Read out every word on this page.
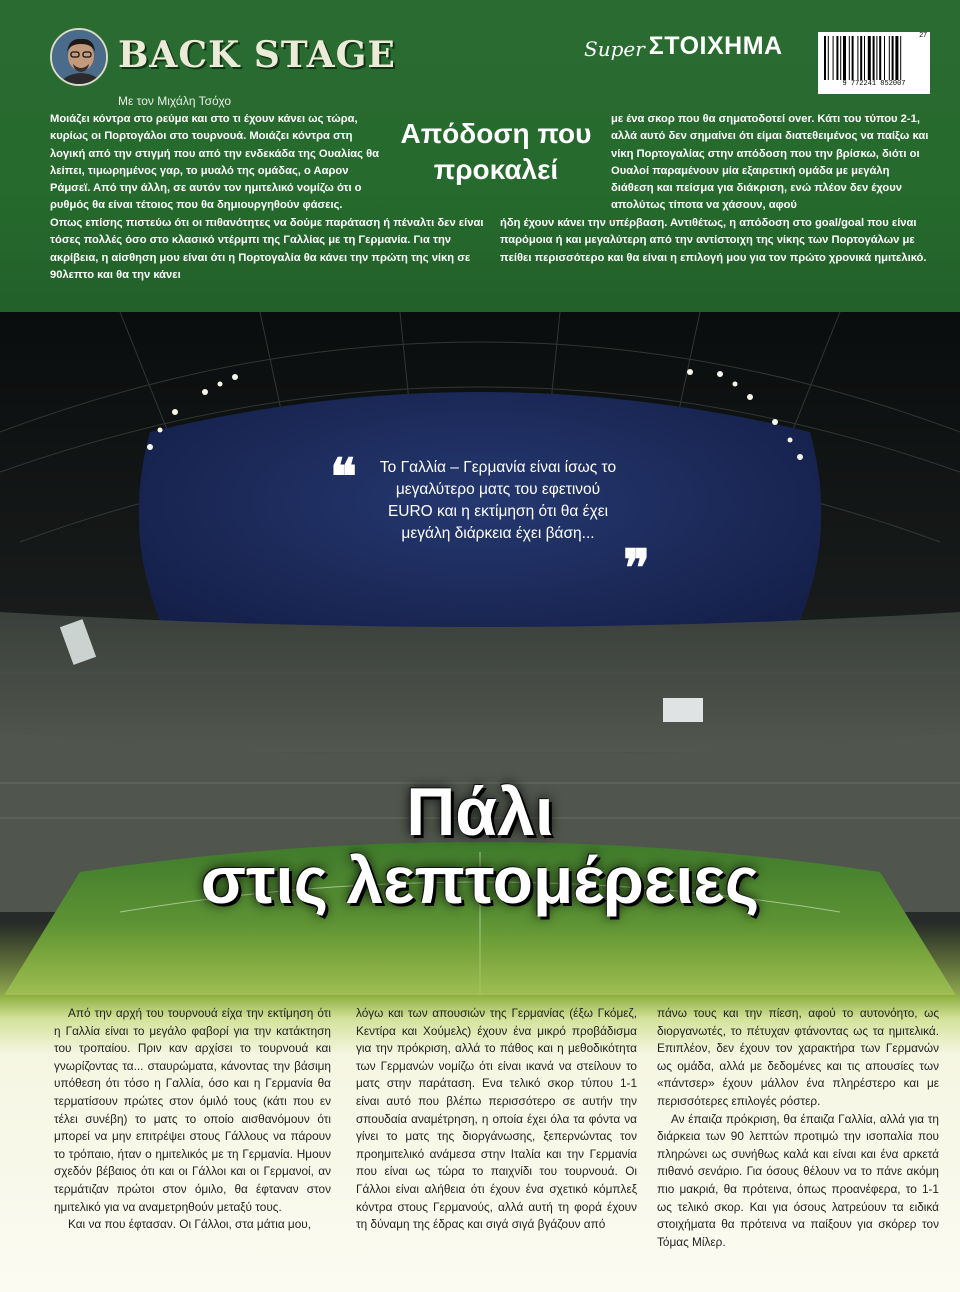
BACK STAGE
Με τον Μιχάλη Τσόχο
Super ΣΤΟΙΧΗΜΑ	27
9 772241 852007
Μοιάζει κόντρα στο ρεύμα και στο τι έχουν κάνει ως τώρα, κυρίως οι Πορτογάλοι στο τουρνουά. Μοιάζει κόντρα στη λογική από την στιγμή που από την ενδεκάδα της Ουαλίας θα λείπει, τιμωρημένος γαρ, το μυαλό της ομάδας, ο Ααρον Ράμσεϊ. Από την άλλη, σε αυτόν τον ημιτελικό νομίζω ότι ο ρυθμός θα είναι τέτοιος που θα δημιουργηθούν φάσεις.
Οπως επίσης πιστεύω ότι οι πιθανότητες να δούμε παράταση ή πέναλτι δεν είναι τόσες πολλές όσο στο κλασικό ντέρμπι της Γαλλίας με τη Γερμανία. Για την ακρίβεια, η αίσθηση μου είναι ότι η Πορτογαλία θα κάνει την πρώτη της νίκη σε 90λεπτο και θα την κάνει
Απόδοση που προκαλεί
με ένα σκορ που θα σηματοδοτεί over. Κάτι του τύπου 2-1, αλλά αυτό δεν σημαίνει ότι είμαι διατεθειμένος να παίξω και νίκη Πορτογαλίας στην απόδοση που την βρίσκω, διότι οι Ουαλοί παραμένουν μία εξαιρετική ομάδα με μεγάλη διάθεση και πείσμα για διάκριση, ενώ πλέον δεν έχουν απολύτως τίποτα να χάσουν, αφού
ήδη έχουν κάνει την υπέρβαση. Αντιθέτως, η απόδοση στο goal/goal που είναι παρόμοια ή και μεγαλύτερη από την αντίστοιχη της νίκης των Πορτογάλων με πείθει περισσότερο και θα είναι η επιλογή μου για τον πρώτο χρονικά ημιτελικό.
❝ Το Γαλλία – Γερμανία είναι ίσως το μεγαλύτερο ματς του εφετινού EURO και η εκτίμηση ότι θα έχει μεγάλη διάρκεια έχει βάση...
❞
Πάλι
στις λεπτομέρειες

Από την αρχή του τουρνουά είχα την εκτίμηση ότι η Γαλλία είναι το μεγάλο φαβορί για την κατάκτηση του τροπαίου. Πριν καν αρχίσει το τουρνουά και γνωρίζοντας τα... σταυρώματα, κάνοντας την βάσιμη υπόθεση ότι τόσο η Γαλλία, όσο και η Γερμανία θα τερματίσουν πρώτες στον όμιλό τους (κάτι που εν τέλει συνέβη) το ματς το οποίο αισθανόμουν ότι μπορεί να μην επιτρέψει στους Γάλλους να πάρουν το τρόπαιο, ήταν ο ημιτελικός με τη Γερμανία. Ημουν σχεδόν βέβαιος ότι και οι Γάλλοι και οι Γερμανοί, αν τερμάτιζαν πρώτοι στον όμιλο, θα έφταναν στον ημιτελικό για να αναμετρηθούν μεταξύ τους.

Και να που έφτασαν. Οι Γάλλοι, στα μάτια μου,

λόγω και των απουσιών της Γερμανίας (έξω Γκόμεζ, Κεντίρα και Χούμελς) έχουν ένα μικρό προβάδισμα για την πρόκριση, αλλά το πάθος και η μεθοδικότητα των Γερμανών νομίζω ότι είναι ικανά να στείλουν το ματς στην παράταση. Ενα τελικό σκορ τύπου 1-1 είναι αυτό που βλέπω περισσότερο σε αυτήν την σπουδαία αναμέτρηση, η οποία έχει όλα τα φόντα να γίνει το ματς της διοργάνωσης, ξεπερνώντας τον προημιτελικό ανάμεσα στην Ιταλία και την Γερμανία που είναι ως τώρα το παιχνίδι του τουρνουά. Οι Γάλλοι είναι αλήθεια ότι έχουν ένα σχετικό κόμπλεξ κόντρα στους Γερμανούς, αλλά αυτή τη φορά έχουν τη δύναμη της έδρας και σιγά σιγά βγάζουν από

πάνω τους και την πίεση, αφού το αυτονόητο, ως διοργανωτές, το πέτυχαν φτάνοντας ως τα ημιτελικά. Επιπλέον, δεν έχουν τον χαρακτήρα των Γερμανών ως ομάδα, αλλά με δεδομένες και τις απουσίες των «πάντσερ» έχουν μάλλον ένα πληρέστερο και με περισσότερες επιλογές ρόστερ.

Αν έπαιζα πρόκριση, θα έπαιζα Γαλλία, αλλά για τη διάρκεια των 90 λεπτών προτιμώ την ισοπαλία που πληρώνει ως συνήθως καλά και είναι και ένα αρκετά πιθανό σενάριο. Για όσους θέλουν να το πάνε ακόμη πιο μακριά, θα πρότεινα, όπως προανέφερα, το 1-1 ως τελικό σκορ. Και για όσους λατρεύουν τα ειδικά στοιχήματα θα πρότεινα να παίξουν για σκόρερ τον Τόμας Μίλερ.
